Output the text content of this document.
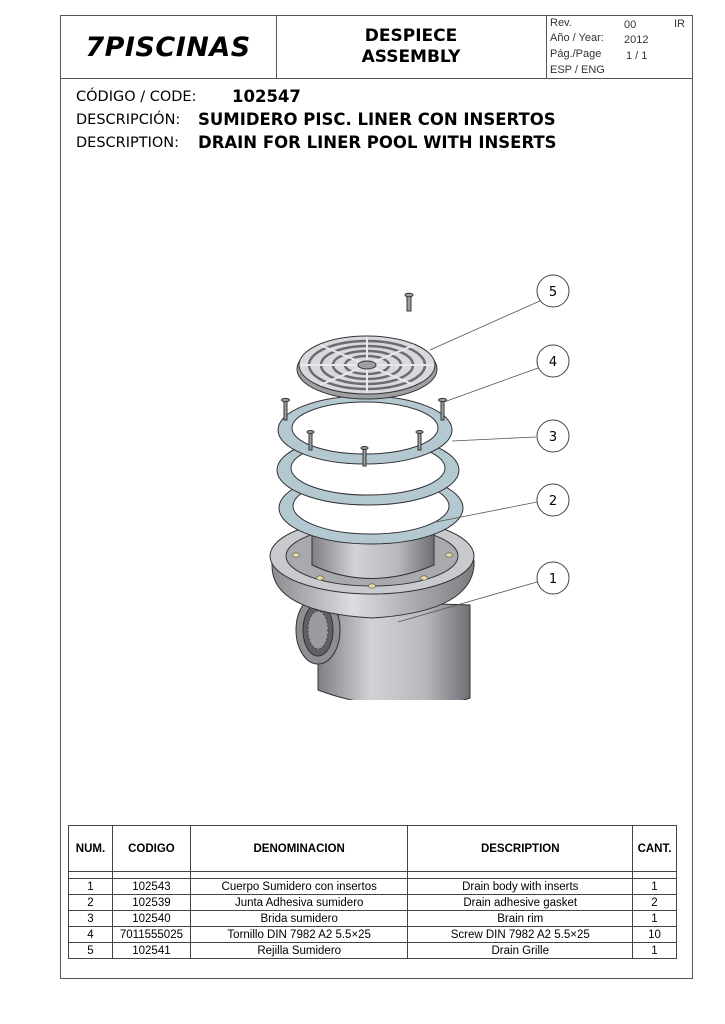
7PISCINAS	DESPIECE
ASSEMBLY
Rev.	00	IR
Año / Year: 2012
Pág./Page 1 / 1
ESP / ENG
CÓDIGO / CODE: 102547
DESCRIPCIÓN: SUMIDERO PISC. LINER CON INSERTOS
DESCRIPTION: DRAIN FOR LINER POOL WITH INSERTS
5
4
3
2
1
NUM.	CODIGO	DENOMINACION	DESCRIPTION	CANT.

1	102543	Cuerpo Sumidero con insertos	Drain body with inserts	1
2	102539	Junta Adhesiva sumidero	Drain adhesive gasket	2
3	102540	Brida sumidero	Brain rim	1
4	7011555025	Tornillo DIN 7982 A2 5.5×25	Screw DIN 7982 A2 5.5×25	10
5	102541	Rejilla Sumidero	Drain Grille	1
